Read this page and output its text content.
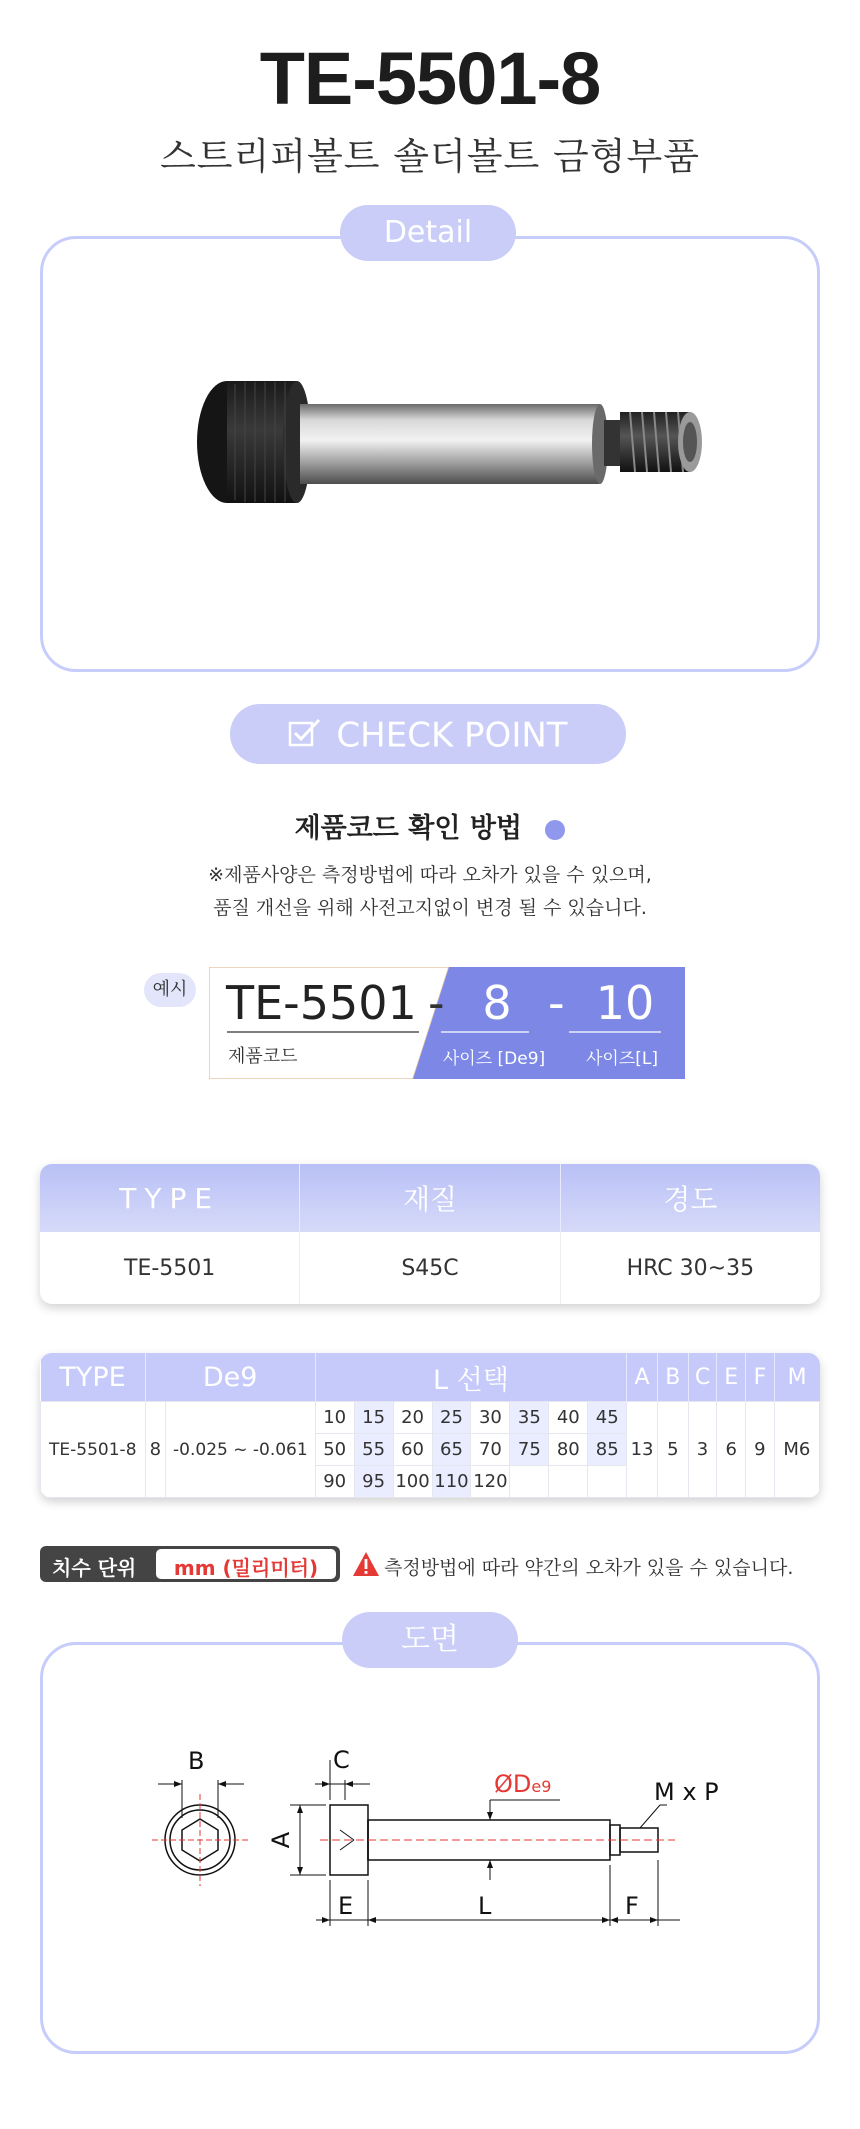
TE-5501-8
스트리퍼볼트 숄더볼트 금형부품
Detail
CHECK POINT
제품코드 확인 방법
※제품사양은 측정방법에 따라 오차가 있을 수 있으며,
품질 개선을 위해 사전고지없이 변경 될 수 있습니다.
예시 TE-5501
제품코드
- 8 - 10
사이즈 [De9]	사이즈[L]
TYPE	재질	경도
TE-5501	S45C	HRC 30~35
TYPE	De9		L 선택								A	B	C	E	F	M
TE-5501-8	8	-0.025 ~ -0.061	10	15	20	25	30	35	40	45	13	5	3	6	9	M6
			50	55	60	65	70	75	80	85						
			90	95	100	110	120									
치수 단위	mm (밀리미터)	측정방법에 따라 약간의 오차가 있을 수 있습니다.
도면
B	C
A
E	L	F
ØDe9	M x P
